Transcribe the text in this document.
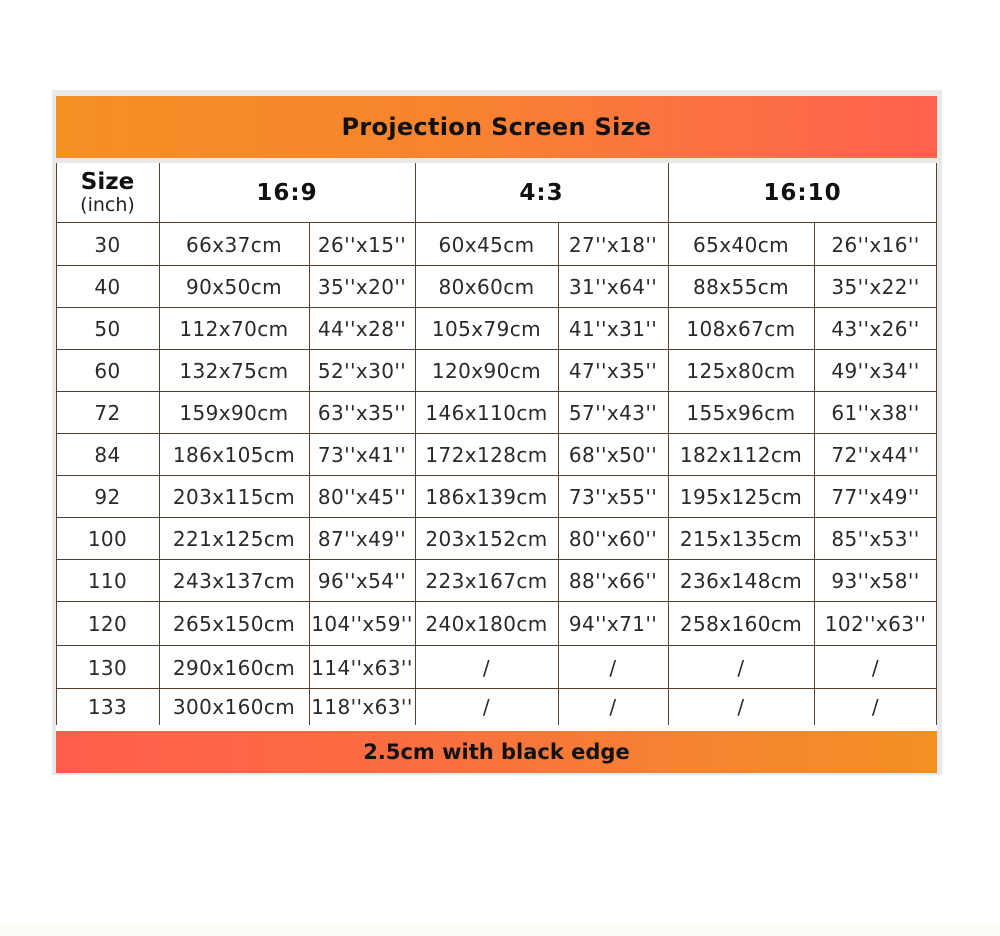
Projection Screen Size
Size
(inch)	16:9	4:3	16:10
30	66x37cm	26''x15''	60x45cm	27''x18''	65x40cm	26''x16''
40	90x50cm	35''x20''	80x60cm	31''x64''	88x55cm	35''x22''
50	112x70cm	44''x28''	105x79cm	41''x31''	108x67cm	43''x26''
60	132x75cm	52''x30''	120x90cm	47''x35''	125x80cm	49''x34''
72	159x90cm	63''x35'' 146x110cm	57''x43''	155x96cm	61''x38''
84	186x105cm	73''x41'' 172x128cm	68''x50''	182x112cm	72''x44''
92	203x115cm	80''x45'' 186x139cm	73''x55''	195x125cm	77''x49''
100	221x125cm	87''x49'' 203x152cm	80''x60''	215x135cm	85''x53''
110	243x137cm	96''x54'' 223x167cm	88''x66''	236x148cm	93''x58''
120	265x150cm 104''x59'' 240x180cm	94''x71''	258x160cm	102''x63''
130	290x160cm 114''x63''	/	/	/	/
133	300x160cm 118''x63''	/	/	/	/
2.5cm with black edge
